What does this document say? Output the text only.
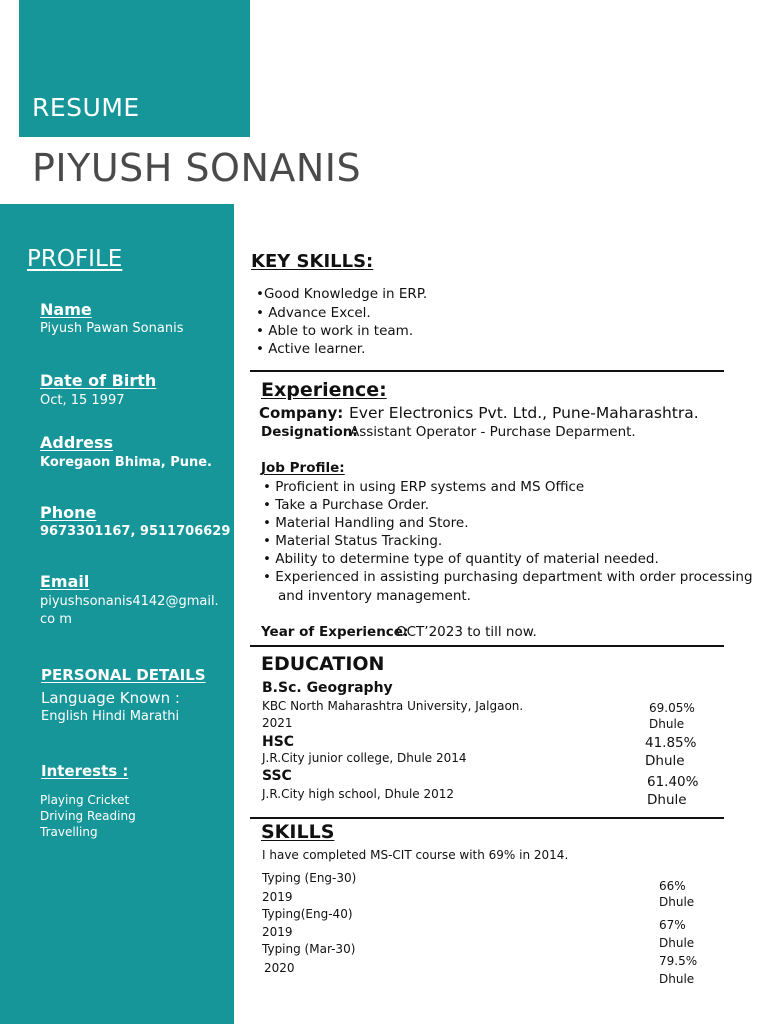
RESUME
PIYUSH SONANIS
PROFILE
Name
Piyush Pawan Sonanis
Date of Birth
Oct, 15 1997
Address
Koregaon Bhima, Pune.
Phone
9673301167, 9511706629
Email
piyushsonanis4142@gmail.
co m
PERSONAL DETAILS
Language Known :
English Hindi Marathi
Interests :
Playing Cricket
Driving Reading
Travelling
KEY SKILLS:
•Good Knowledge in ERP.
• Advance Excel.
• Able to work in team.
• Active learner.
Experience:
Company: Ever Electronics Pvt. Ltd., Pune-Maharashtra.
Designation:
Assistant Operator - Purchase Deparment.
Job Profile:
• Proficient in using ERP systems and MS Office
• Take a Purchase Order.
• Material Handling and Store.
• Material Status Tracking.
• Ability to determine type of quantity of material needed.
• Experienced in assisting purchasing department with order processing
and inventory management.
Year of Experience:
OCT’2023 to till now.
EDUCATION
B.Sc. Geography
KBC North Maharashtra University, Jalgaon.
2021
69.05%
Dhule
HSC
J.R.City junior college, Dhule 2014
41.85%
Dhule
SSC
J.R.City high school, Dhule 2012
61.40%
Dhule
SKILLS
I have completed MS-CIT course with 69% in 2014.
Typing (Eng-30)
2019
66%
Dhule
Typing(Eng-40)
2019	67%
Dhule
Typing (Mar-30)
2020	79.5%
Dhule
